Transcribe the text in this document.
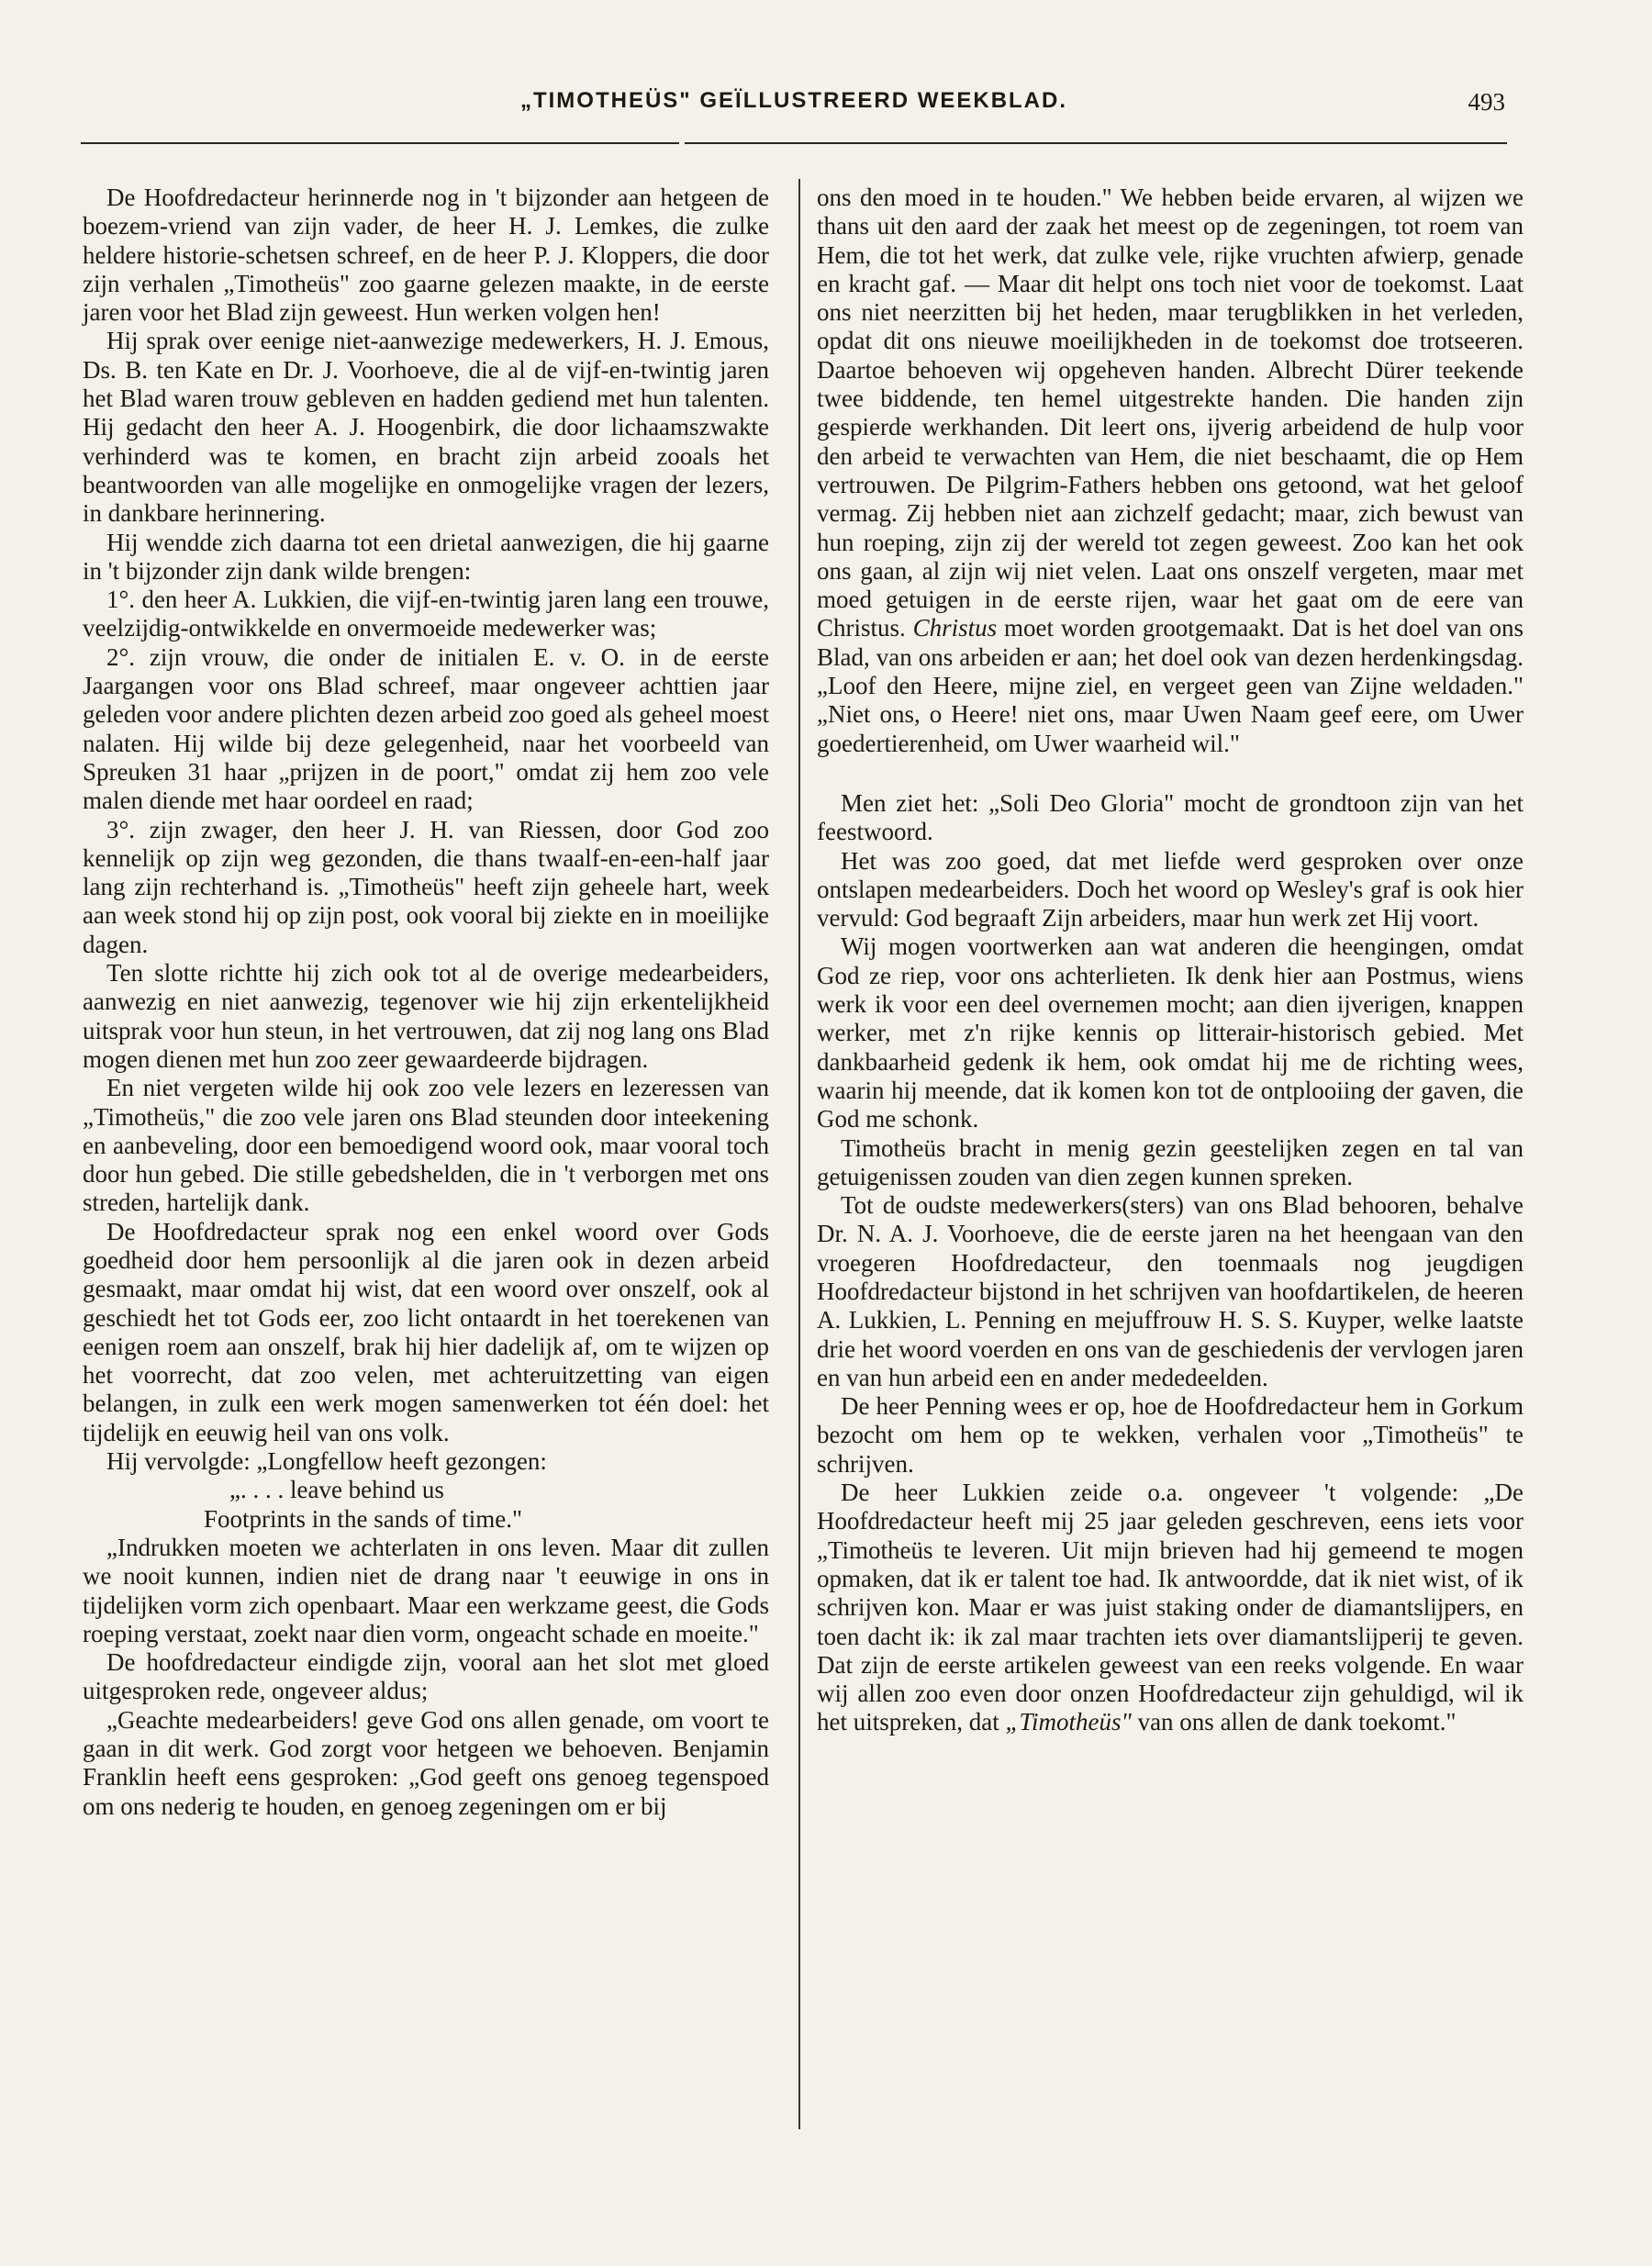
„TIMOTHEÜS" GEÏLLUSTREERD WEEKBLAD.	493

De Hoofdredacteur herinnerde nog in 't bijzonder aan hetgeen de boezem-vriend van zijn vader, de heer H. J. Lemkes, die zulke heldere historie-schetsen schreef, en de heer P. J. Kloppers, die door zijn verhalen „Timotheüs" zoo gaarne gelezen maakte, in de eerste jaren voor het Blad zijn geweest. Hun werken volgen hen!

Hij sprak over eenige niet-aanwezige medewerkers, H. J. Emous, Ds. B. ten Kate en Dr. J. Voorhoeve, die al de vijf-en-twintig jaren het Blad waren trouw gebleven en hadden gediend met hun talenten. Hij gedacht den heer A. J. Hoogenbirk, die door lichaamszwakte verhinderd was te komen, en bracht zijn arbeid zooals het beantwoorden van alle mogelijke en onmogelijke vragen der lezers, in dankbare herinnering.

Hij wendde zich daarna tot een drietal aanwezigen, die hij gaarne in 't bijzonder zijn dank wilde brengen:

1°. den heer A. Lukkien, die vijf-en-twintig jaren lang een trouwe, veelzijdig-ontwikkelde en onvermoeide medewerker was;

2°. zijn vrouw, die onder de initialen E. v. O. in de eerste Jaargangen voor ons Blad schreef, maar ongeveer achttien jaar geleden voor andere plichten dezen arbeid zoo goed als geheel moest nalaten. Hij wilde bij deze gelegenheid, naar het voorbeeld van Spreuken 31 haar „prijzen in de poort," omdat zij hem zoo vele malen diende met haar oordeel en raad;

3°. zijn zwager, den heer J. H. van Riessen, door God zoo kennelijk op zijn weg gezonden, die thans twaalf-en-een-half jaar lang zijn rechterhand is. „Timotheüs" heeft zijn geheele hart, week aan week stond hij op zijn post, ook vooral bij ziekte en in moeilijke dagen.

Ten slotte richtte hij zich ook tot al de overige medearbeiders, aanwezig en niet aanwezig, tegenover wie hij zijn erkentelijkheid uitsprak voor hun steun, in het vertrouwen, dat zij nog lang ons Blad mogen dienen met hun zoo zeer gewaardeerde bijdragen.

En niet vergeten wilde hij ook zoo vele lezers en lezeressen van „Timotheüs," die zoo vele jaren ons Blad steunden door inteekening en aanbeveling, door een bemoedigend woord ook, maar vooral toch door hun gebed. Die stille gebedshelden, die in 't verborgen met ons streden, hartelijk dank.

De Hoofdredacteur sprak nog een enkel woord over Gods goedheid door hem persoonlijk al die jaren ook in dezen arbeid gesmaakt, maar omdat hij wist, dat een woord over onszelf, ook al geschiedt het tot Gods eer, zoo licht ontaardt in het toerekenen van eenigen roem aan onszelf, brak hij hier dadelijk af, om te wijzen op het voorrecht, dat zoo velen, met achteruitzetting van eigen belangen, in zulk een werk mogen samenwerken tot één doel: het tijdelijk en eeuwig heil van ons volk.

Hij vervolgde: „Longfellow heeft gezongen:

„. . . . leave behind us

Footprints in the sands of time."

„Indrukken moeten we achterlaten in ons leven. Maar dit zullen we nooit kunnen, indien niet de drang naar 't eeuwige in ons in tijdelijken vorm zich openbaart. Maar een werkzame geest, die Gods roeping verstaat, zoekt naar dien vorm, ongeacht schade en moeite."

De hoofdredacteur eindigde zijn, vooral aan het slot met gloed uitgesproken rede, ongeveer aldus;

„Geachte medearbeiders! geve God ons allen genade, om voort te gaan in dit werk. God zorgt voor hetgeen we behoeven. Benjamin Franklin heeft eens gesproken: „God geeft ons genoeg tegenspoed om ons nederig te houden, en genoeg zegeningen om er bij

ons den moed in te houden." We hebben beide ervaren, al wijzen we thans uit den aard der zaak het meest op de zegeningen, tot roem van Hem, die tot het werk, dat zulke vele, rijke vruchten afwierp, genade en kracht gaf. — Maar dit helpt ons toch niet voor de toekomst. Laat ons niet neerzitten bij het heden, maar terugblikken in het verleden, opdat dit ons nieuwe moeilijkheden in de toekomst doe trotseeren. Daartoe behoeven wij opgeheven handen. Albrecht Dürer teekende twee biddende, ten hemel uitgestrekte handen. Die handen zijn gespierde werkhanden. Dit leert ons, ijverig arbeidend de hulp voor den arbeid te verwachten van Hem, die niet beschaamt, die op Hem vertrouwen. De Pilgrim-Fathers hebben ons getoond, wat het geloof vermag. Zij hebben niet aan zichzelf gedacht; maar, zich bewust van hun roeping, zijn zij der wereld tot zegen geweest. Zoo kan het ook ons gaan, al zijn wij niet velen. Laat ons onszelf vergeten, maar met moed getuigen in de eerste rijen, waar het gaat om de eere van Christus. Christus moet worden grootgemaakt. Dat is het doel van ons Blad, van ons arbeiden er aan; het doel ook van dezen herdenkingsdag. „Loof den Heere, mijne ziel, en vergeet geen van Zijne weldaden." „Niet ons, o Heere! niet ons, maar Uwen Naam geef eere, om Uwer goedertierenheid, om Uwer waarheid wil."

Men ziet het: „Soli Deo Gloria" mocht de grondtoon zijn van het feestwoord.

Het was zoo goed, dat met liefde werd gesproken over onze ontslapen medearbeiders. Doch het woord op Wesley's graf is ook hier vervuld: God begraaft Zijn arbeiders, maar hun werk zet Hij voort.

Wij mogen voortwerken aan wat anderen die heengingen, omdat God ze riep, voor ons achterlieten. Ik denk hier aan Postmus, wiens werk ik voor een deel overnemen mocht; aan dien ijverigen, knappen werker, met z'n rijke kennis op litterair-historisch gebied. Met dankbaarheid gedenk ik hem, ook omdat hij me de richting wees, waarin hij meende, dat ik komen kon tot de ontplooiing der gaven, die God me schonk.

Timotheüs bracht in menig gezin geestelijken zegen en tal van getuigenissen zouden van dien zegen kunnen spreken.

Tot de oudste medewerkers(sters) van ons Blad behooren, behalve Dr. N. A. J. Voorhoeve, die de eerste jaren na het heengaan van den vroegeren Hoofdredacteur, den toenmaals nog jeugdigen Hoofdredacteur bijstond in het schrijven van hoofdartikelen, de heeren A. Lukkien, L. Penning en mejuffrouw H. S. S. Kuyper, welke laatste drie het woord voerden en ons van de geschiedenis der vervlogen jaren en van hun arbeid een en ander mededeelden.

De heer Penning wees er op, hoe de Hoofdredacteur hem in Gorkum bezocht om hem op te wekken, verhalen voor „Timotheüs" te schrijven.

De heer Lukkien zeide o.a. ongeveer 't volgende: „De Hoofdredacteur heeft mij 25 jaar geleden geschreven, eens iets voor „Timotheüs te leveren. Uit mijn brieven had hij gemeend te mogen opmaken, dat ik er talent toe had. Ik antwoordde, dat ik niet wist, of ik schrijven kon. Maar er was juist staking onder de diamantslijpers, en toen dacht ik: ik zal maar trachten iets over diamantslijperij te geven. Dat zijn de eerste artikelen geweest van een reeks volgende. En waar wij allen zoo even door onzen Hoofdredacteur zijn gehuldigd, wil ik het uitspreken, dat „Timotheüs" van ons allen de dank toekomt."
